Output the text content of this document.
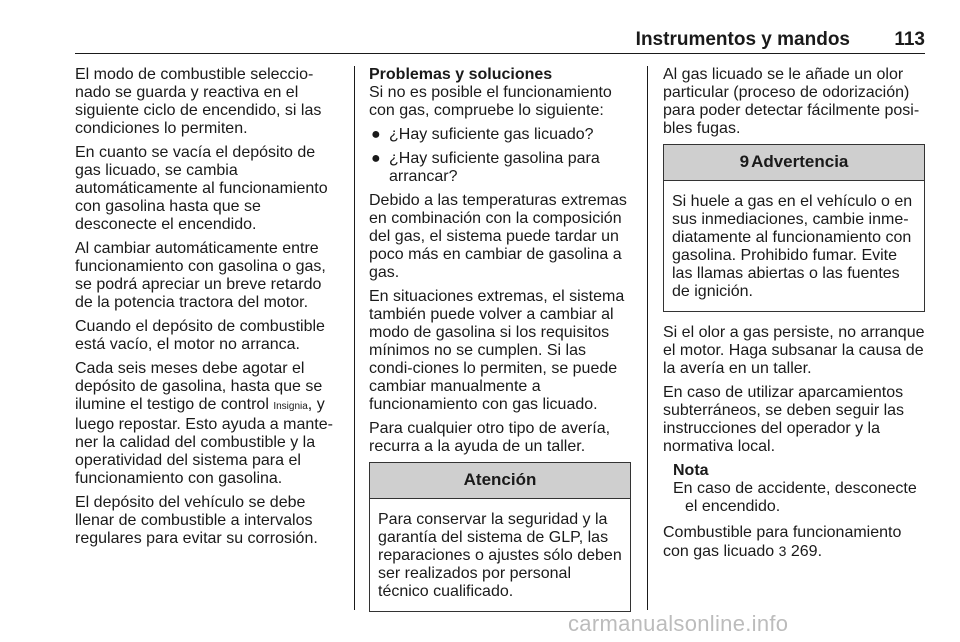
Instrumentos y mandos 113

El modo de combustible seleccio-nado se guarda y reactiva en el siguiente ciclo de encendido, si las condiciones lo permiten.

En cuanto se vacía el depósito de gas licuado, se cambia automáticamente al funcionamiento con gasolina hasta que se desconecte el encendido.

Al cambiar automáticamente entre funcionamiento con gasolina o gas, se podrá apreciar un breve retardo de la potencia tractora del motor.

Cuando el depósito de combustible está vacío, el motor no arranca.

Cada seis meses debe agotar el depósito de gasolina, hasta que se ilumine el testigo de control Insignia, y luego repostar. Esto ayuda a mante-ner la calidad del combustible y la operatividad del sistema para el funcionamiento con gasolina.

El depósito del vehículo se debe llenar de combustible a intervalos regulares para evitar su corrosión.

Problemas y soluciones

Si no es posible el funcionamiento con gas, compruebe lo siguiente:

● ¿Hay suficiente gas licuado?
● ¿Hay suficiente gasolina para arrancar?

Debido a las temperaturas extremas en combinación con la composición del gas, el sistema puede tardar un poco más en cambiar de gasolina a gas.

En situaciones extremas, el sistema también puede volver a cambiar al modo de gasolina si los requisitos mínimos no se cumplen. Si las condi-ciones lo permiten, se puede cambiar manualmente a funcionamiento con gas licuado.

Para cualquier otro tipo de avería, recurra a la ayuda de un taller.

Atención
Para conservar la seguridad y la garantía del sistema de GLP, las reparaciones o ajustes sólo deben ser realizados por personal técnico cualificado.

Al gas licuado se le añade un olor particular (proceso de odorización) para poder detectar fácilmente posi-bles fugas.

9 Advertencia
Si huele a gas en el vehículo o en sus inmediaciones, cambie inme-diatamente al funcionamiento con gasolina. Prohibido fumar. Evite las llamas abiertas o las fuentes de ignición.

Si el olor a gas persiste, no arranque el motor. Haga subsanar la causa de la avería en un taller.

En caso de utilizar aparcamientos subterráneos, se deben seguir las instrucciones del operador y la normativa local.

Nota
En caso de accidente, desconecte el encendido.

Combustible para funcionamiento con gas licuado 3 269.

carmanualsonline.info
